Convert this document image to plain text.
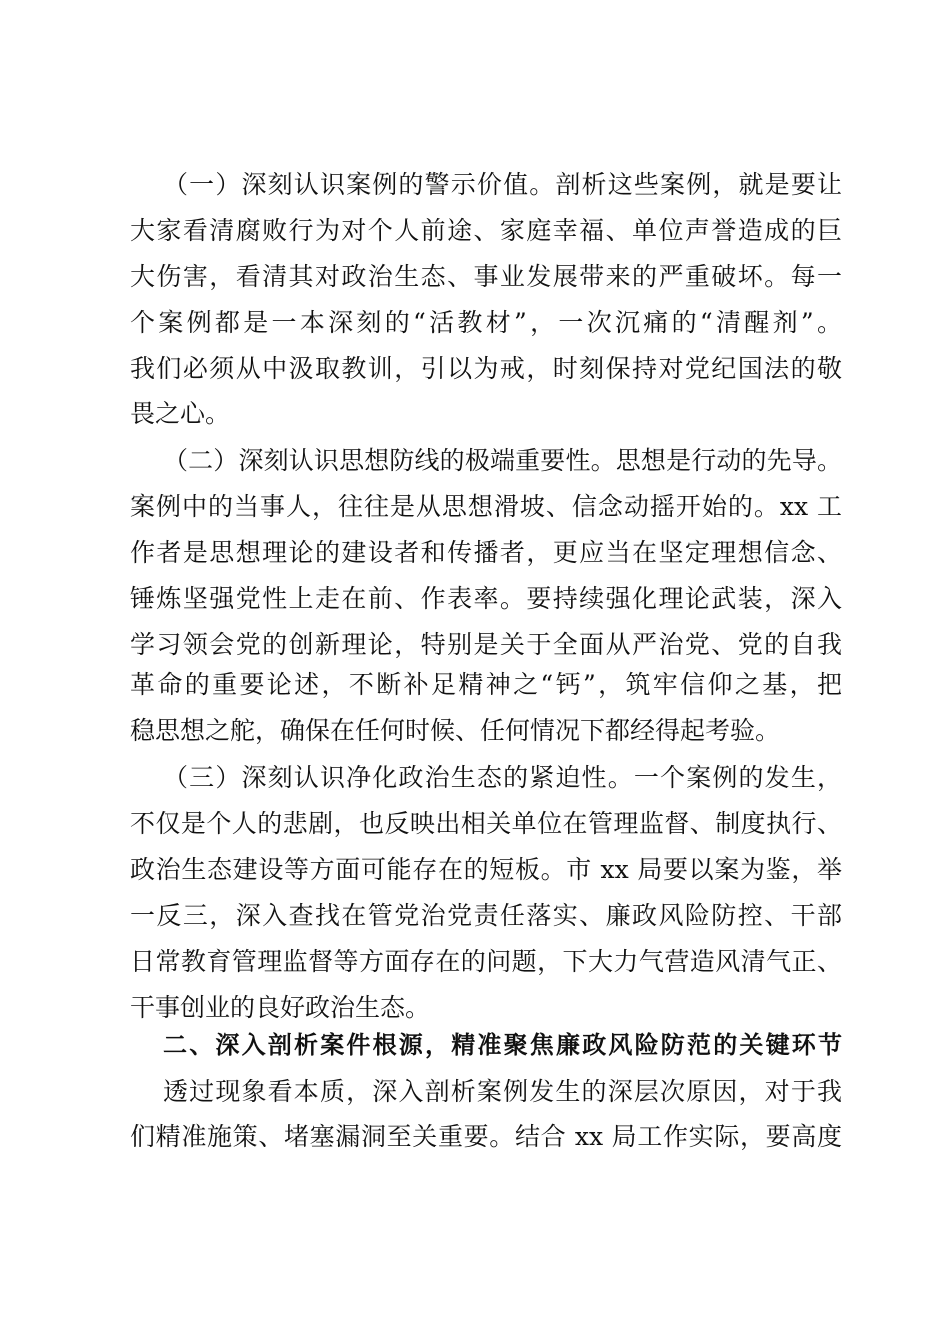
（一）深刻认识案例的警示价值。剖析这些案例，就是要让
大家看清腐败行为对个人前途、家庭幸福、单位声誉造成的巨
大伤害，看清其对政治生态、事业发展带来的严重破坏。每一
个案例都是一本深刻的“活教材”，一次沉痛的“清醒剂”。
我们必须从中汲取教训，引以为戒，时刻保持对党纪国法的敬
畏之心。
（二）深刻认识思想防线的极端重要性。思想是行动的先导。
案例中的当事人，往往是从思想滑坡、信念动摇开始的。xx 工
作者是思想理论的建设者和传播者，更应当在坚定理想信念、
锤炼坚强党性上走在前、作表率。要持续强化理论武装，深入
学习领会党的创新理论，特别是关于全面从严治党、党的自我
革命的重要论述，不断补足精神之“钙”，筑牢信仰之基，把
稳思想之舵，确保在任何时候、任何情况下都经得起考验。
（三）深刻认识净化政治生态的紧迫性。一个案例的发生，
不仅是个人的悲剧，也反映出相关单位在管理监督、制度执行、
政治生态建设等方面可能存在的短板。市 xx 局要以案为鉴，举
一反三，深入查找在管党治党责任落实、廉政风险防控、干部
日常教育管理监督等方面存在的问题，下大力气营造风清气正、
干事创业的良好政治生态。
二、深入剖析案件根源，精准聚焦廉政风险防范的关键环节
透过现象看本质，深入剖析案例发生的深层次原因，对于我
们精准施策、堵塞漏洞至关重要。结合 xx 局工作实际，要高度
